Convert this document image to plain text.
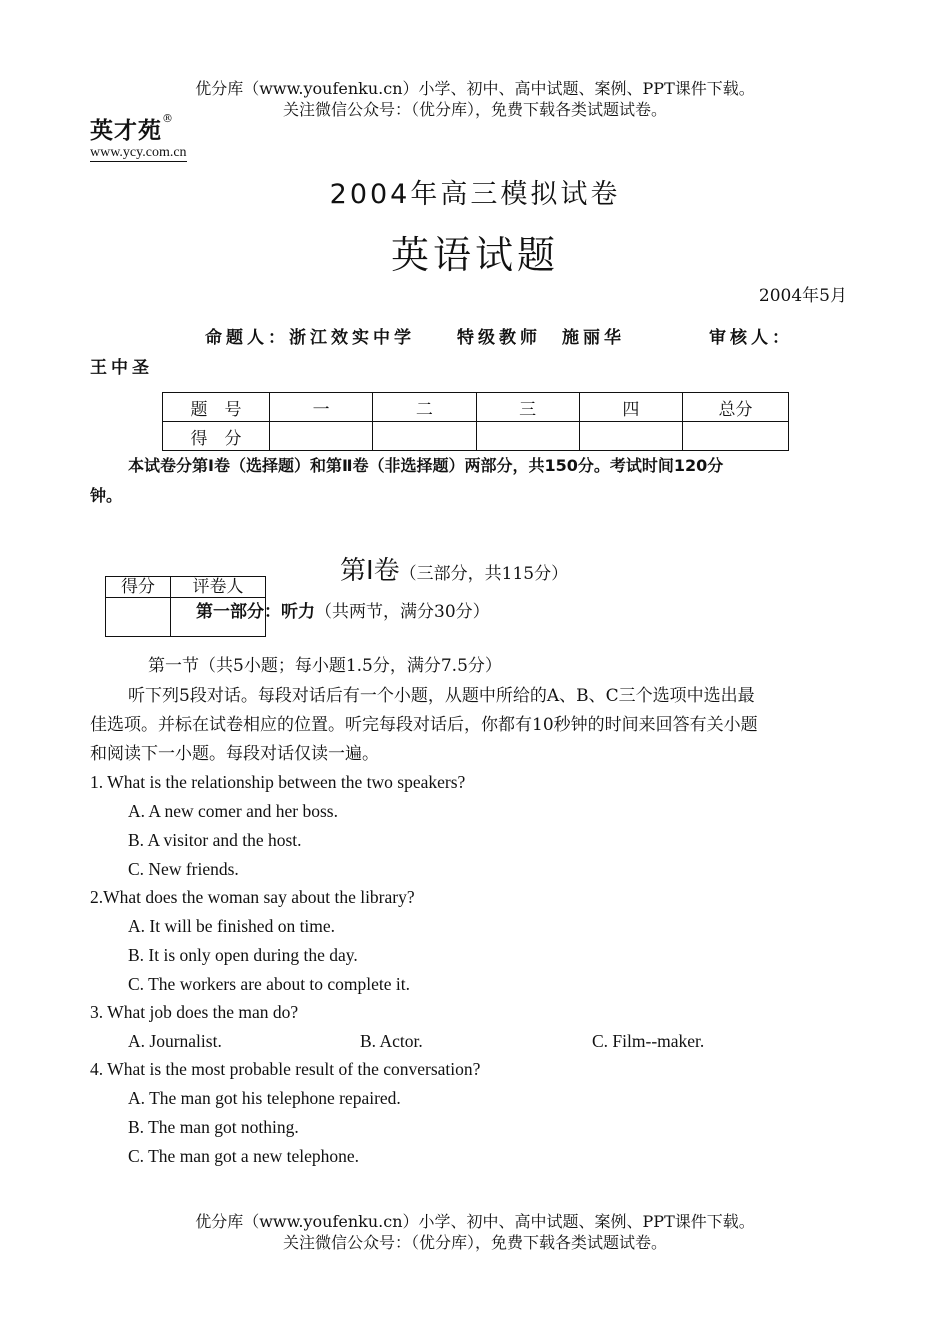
优分库（www.youfenku.cn）小学、初中、高中试题、案例、PPT课件下载。
关注微信公众号：（优分库），免费下载各类试题试卷。
英才苑®
www.ycy.com.cn
2004年高三模拟试卷
英语试题
2004年5月
命题人：浙江效实中学　　特级教师　施丽华　　　　审核人：
王中圣
题　号	一	二	三	四	总分
得　分					
本试卷分第Ⅰ卷（选择题）和第Ⅱ卷（非选择题）两部分，共150分。考试时间120分
钟。
第Ⅰ卷（三部分，共115分）
得分	评卷人

第一部分：听力（共两节，满分30分）
第一节（共5小题；每小题1.5分，满分7.5分）
听下列5段对话。每段对话后有一个小题，从题中所给的A、B、C三个选项中选出最
佳选项。并标在试卷相应的位置。听完每段对话后，你都有10秒钟的时间来回答有关小题
和阅读下一小题。每段对话仅读一遍。
1. What is the relationship between the two speakers?
A. A new comer and her boss.
B. A visitor and the host.
C. New friends.
2.What does the woman say about the library?
A. It will be finished on time.
B. It is only open during the day.
C. The workers are about to complete it.
3. What job does the man do?
A. Journalist.	B. Actor.	C. Film--maker.
4. What is the most probable result of the conversation?
A. The man got his telephone repaired.
B. The man got nothing.
C. The man got a new telephone.
优分库（www.youfenku.cn）小学、初中、高中试题、案例、PPT课件下载。
关注微信公众号：（优分库），免费下载各类试题试卷。
